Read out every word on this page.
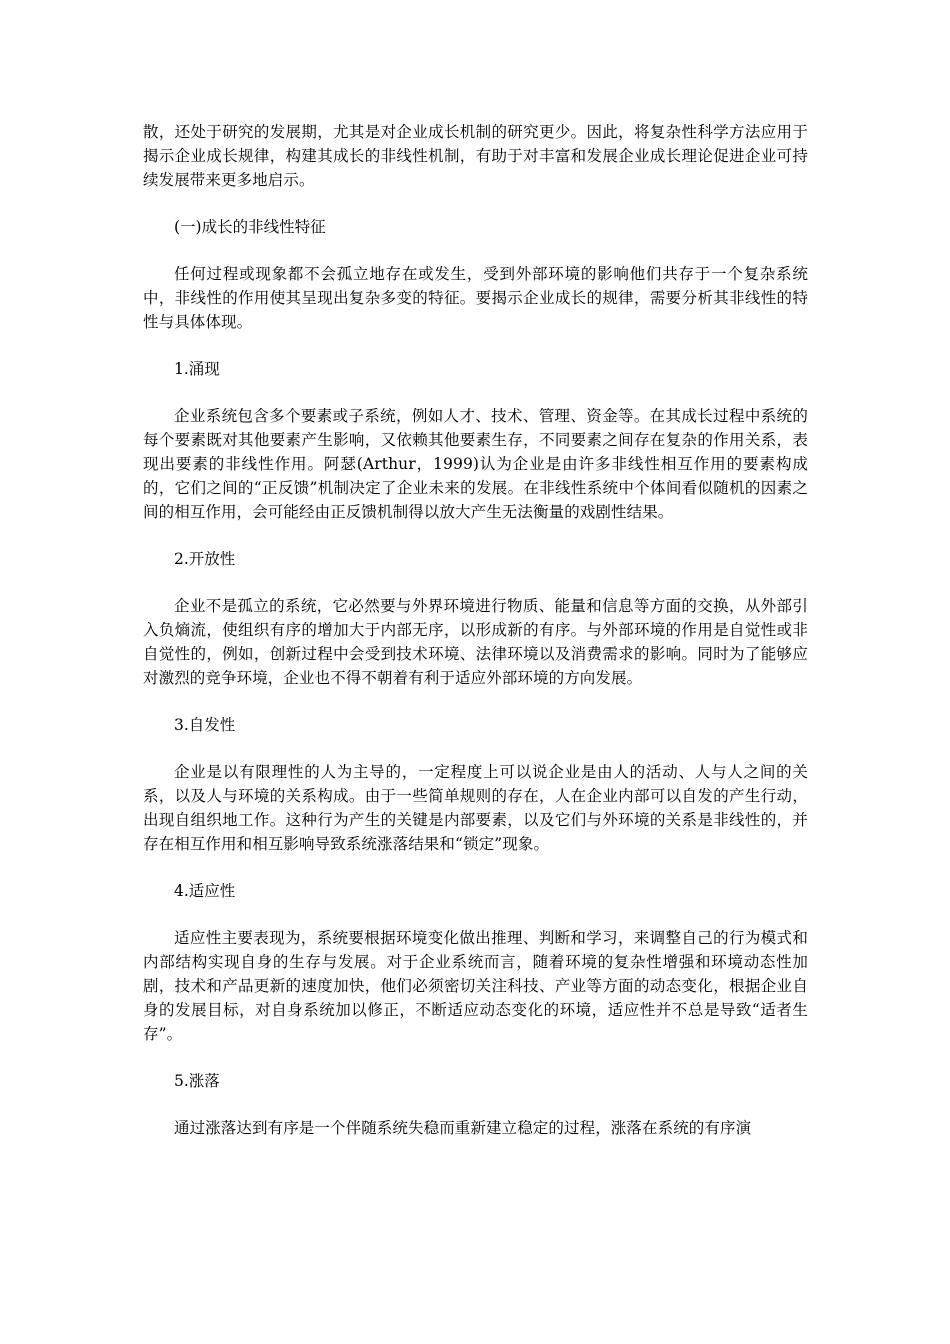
散，还处于研究的发展期，尤其是对企业成长机制的研究更少。因此，将复杂性科学方法应用于揭示企业成长规律，构建其成长的非线性机制，有助于对丰富和发展企业成长理论促进企业可持续发展带来更多地启示。

(一)成长的非线性特征

任何过程或现象都不会孤立地存在或发生，受到外部环境的影响他们共存于一个复杂系统中，非线性的作用使其呈现出复杂多变的特征。要揭示企业成长的规律，需要分析其非线性的特性与具体体现。

1.涌现

企业系统包含多个要素或子系统，例如人才、技术、管理、资金等。在其成长过程中系统的每个要素既对其他要素产生影响，又依赖其他要素生存，不同要素之间存在复杂的作用关系，表现出要素的非线性作用。阿瑟(Arthur，1999)认为企业是由许多非线性相互作用的要素构成的，它们之间的“正反馈”机制决定了企业未来的发展。在非线性系统中个体间看似随机的因素之间的相互作用，会可能经由正反馈机制得以放大产生无法衡量的戏剧性结果。

2.开放性

企业不是孤立的系统，它必然要与外界环境进行物质、能量和信息等方面的交换，从外部引入负熵流，使组织有序的增加大于内部无序，以形成新的有序。与外部环境的作用是自觉性或非自觉性的，例如，创新过程中会受到技术环境、法律环境以及消费需求的影响。同时为了能够应对激烈的竞争环境，企业也不得不朝着有利于适应外部环境的方向发展。

3.自发性

企业是以有限理性的人为主导的，一定程度上可以说企业是由人的活动、人与人之间的关系，以及人与环境的关系构成。由于一些简单规则的存在，人在企业内部可以自发的产生行动，出现自组织地工作。这种行为产生的关键是内部要素，以及它们与外环境的关系是非线性的，并存在相互作用和相互影响导致系统涨落结果和“锁定”现象。

4.适应性

适应性主要表现为，系统要根据环境变化做出推理、判断和学习，来调整自己的行为模式和内部结构实现自身的生存与发展。对于企业系统而言，随着环境的复杂性增强和环境动态性加剧，技术和产品更新的速度加快，他们必须密切关注科技、产业等方面的动态变化，根据企业自身的发展目标，对自身系统加以修正，不断适应动态变化的环境，适应性并不总是导致“适者生存”。

5.涨落

通过涨落达到有序是一个伴随系统失稳而重新建立稳定的过程，涨落在系统的有序演
